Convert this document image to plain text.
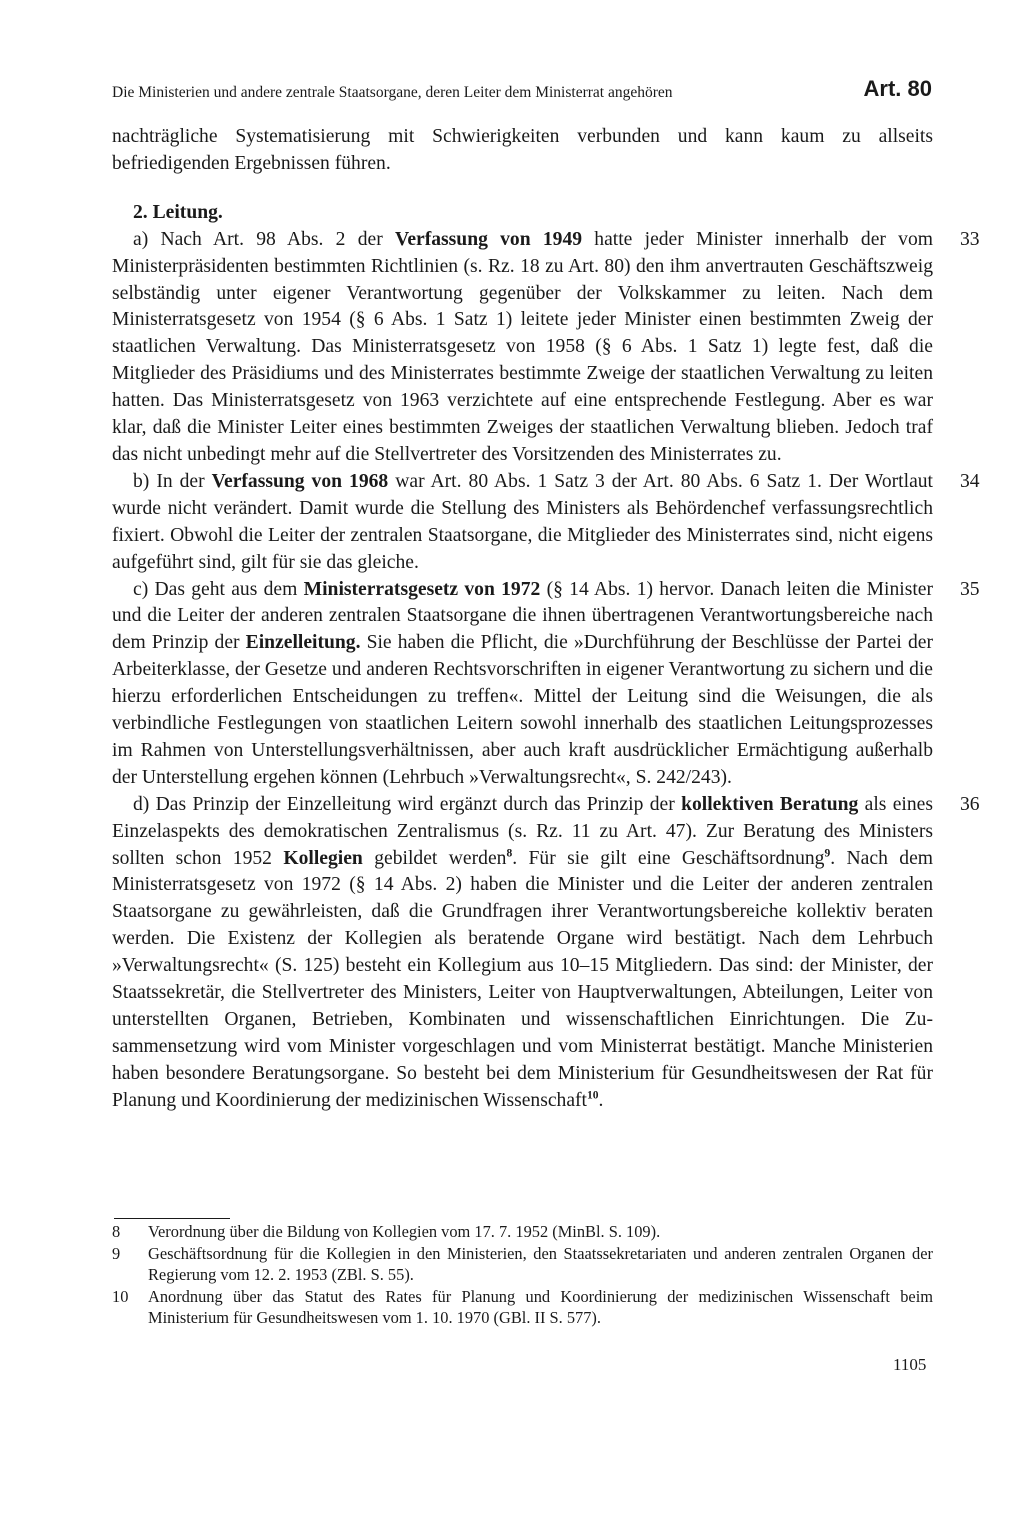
Die Ministerien und andere zentrale Staatsorgane, deren Leiter dem Ministerrat angehören	Art. 80

nachträgliche Systematisierung mit Schwierigkeiten verbunden und kann kaum zu allseits befriedigenden Ergebnissen führen.

2. Leitung.

33
a) Nach Art. 98 Abs. 2 der Verfassung von 1949 hatte jeder Minister innerhalb der vom Ministerpräsidenten bestimmten Richtlinien (s. Rz. 18 zu Art. 80) den ihm anvertrauten Geschäftszweig selbständig unter eigener Verantwortung gegenüber der Volkskammer zu leiten. Nach dem Ministerratsgesetz von 1954 (§ 6 Abs. 1 Satz 1) leitete jeder Minister einen bestimmten Zweig der staatlichen Verwaltung. Das Ministerratsgesetz von 1958 (§ 6 Abs. 1 Satz 1) legte fest, daß die Mitglieder des Präsidiums und des Ministerrates bestimmte Zweige der staatlichen Verwaltung zu leiten hatten. Das Ministerratsgesetz von 1963 verzichtete auf eine entsprechende Festlegung. Aber es war klar, daß die Minister Leiter eines bestimmten Zweiges der staatlichen Verwaltung blieben. Jedoch traf das nicht unbedingt mehr auf die Stellvertreter des Vorsitzenden des Ministerrates zu.

34
b) In der Verfassung von 1968 war Art. 80 Abs. 1 Satz 3 der Art. 80 Abs. 6 Satz 1. Der Wortlaut wurde nicht verändert. Damit wurde die Stellung des Ministers als Behördenchef verfassungsrechtlich fixiert. Obwohl die Leiter der zentralen Staatsorgane, die Mitglieder des Ministerrates sind, nicht eigens aufgeführt sind, gilt für sie das gleiche.

35
c) Das geht aus dem Ministerratsgesetz von 1972 (§ 14 Abs. 1) hervor. Danach leiten die Minister und die Leiter der anderen zentralen Staatsorgane die ihnen übertragenen Verantwortungsbereiche nach dem Prinzip der Einzelleitung. Sie haben die Pflicht, die »Durchführung der Beschlüsse der Partei der Arbeiterklasse, der Gesetze und anderen Rechtsvorschriften in eigener Verantwortung zu sichern und die hierzu erforderlichen Entscheidungen zu treffen«. Mittel der Leitung sind die Weisungen, die als verbindliche Festlegungen von staatlichen Leitern sowohl innerhalb des staatlichen Leitungsprozesses im Rahmen von Unterstellungsverhältnissen, aber auch kraft ausdrücklicher Ermächtigung außerhalb der Unterstellung ergehen können (Lehrbuch »Verwaltungsrecht«, S. 242/243).

36
d) Das Prinzip der Einzelleitung wird ergänzt durch das Prinzip der kollektiven Beratung als eines Einzelaspekts des demokratischen Zentralismus (s. Rz. 11 zu Art. 47). Zur Beratung des Ministers sollten schon 1952 Kollegien gebildet werden$^8$. Für sie gilt eine Geschäftsordnung$^9$. Nach dem Ministerratsgesetz von 1972 (§ 14 Abs. 2) haben die Minister und die Leiter der anderen zentralen Staatsorgane zu gewährleisten, daß die Grundfragen ihrer Verantwortungsbereiche kollektiv beraten werden. Die Existenz der Kollegien als beratende Organe wird bestätigt. Nach dem Lehrbuch »Verwaltungsrecht« (S. 125) besteht ein Kollegium aus 10–15 Mitgliedern. Das sind: der Minister, der Staatssekretär, die Stellvertreter des Ministers, Leiter von Hauptverwaltungen, Abteilungen, Leiter von unterstellten Organen, Betrieben, Kombinaten und wissenschaftlichen Einrichtungen. Die Zusammensetzung wird vom Minister vorgeschlagen und vom Ministerrat bestätigt. Manche Ministerien haben besondere Beratungsorgane. So besteht bei dem Ministerium für Gesundheitswesen der Rat für Planung und Koordinierung der medizinischen Wissenschaft$^{10}$.

8	Verordnung über die Bildung von Kollegien vom 17. 7. 1952 (MinBl. S. 109).
9	Geschäftsordnung für die Kollegien in den Ministerien, den Staatssekretariaten und anderen zentralen Organen der Regierung vom 12. 2. 1953 (ZBl. S. 55).
10	Anordnung über das Statut des Rates für Planung und Koordinierung der medizinischen Wissenschaft beim Ministerium für Gesundheitswesen vom 1. 10. 1970 (GBl. II S. 577).
1105
